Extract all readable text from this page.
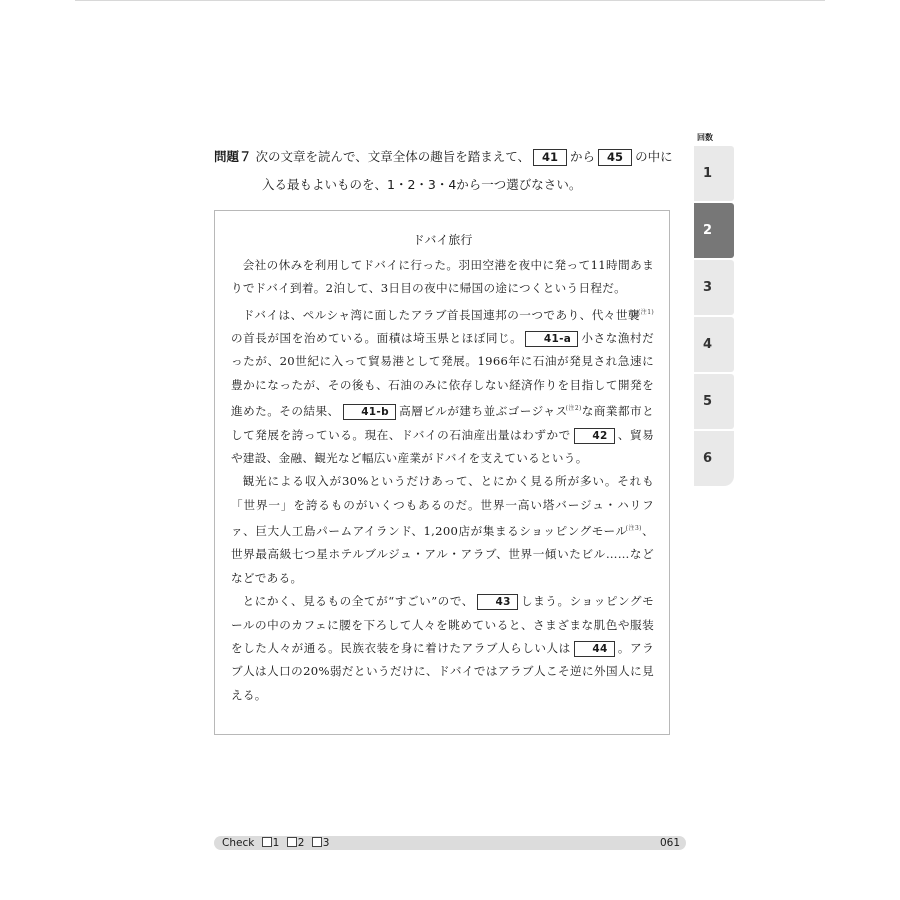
問題７ 次の文章を読んで、文章全体の趣旨を踏まえて、 41 から 45 の中に
入る最もよいものを、1・2・3・4から一つ選びなさい。
ドバイ旅行

会社の休みを利用してドバイに行った。羽田空港を夜中に発って11時間あまりでドバイ到着。2泊して、3日目の夜中に帰国の途につくという日程だ。

ドバイは、ペルシャ湾に面したアラブ首長国連邦の一つであり、代々世襲$^{(注1)}$の首長が国を治めている。面積は埼玉県とほぼ同じ。 41-a 小さな漁村だったが、20世紀に入って貿易港として発展。1966年に石油が発見され急速に豊かになったが、その後も、石油のみに依存しない経済作りを目指して開発を進めた。その結果、 41-b 高層ビルが建ち並ぶゴージャス$^{(注2)}$な商業都市として発展を誇っている。現在、ドバイの石油産出量はわずかで 42 、貿易や建設、金融、観光など幅広い産業がドバイを支えているという。

観光による収入が30%というだけあって、とにかく見る所が多い。それも「世界一」を誇るものがいくつもあるのだ。世界一高い塔バージュ・ハリファ、巨大人工島パームアイランド、1,200店が集まるショッピングモール$^{(注3)}$、世界最高級七つ星ホテルブルジュ・アル・アラブ、世界一傾いたビル……などなどである。

とにかく、見るもの全てが“すごい”ので、 43 しまう。ショッピングモールの中のカフェに腰を下ろして人々を眺めていると、さまざまな肌色や服装をした人々が通る。民族衣装を身に着けたアラブ人らしい人は 44 。アラブ人は人口の20%弱だというだけに、ドバイではアラブ人こそ逆に外国人に見える。

回数
1
2
3
4
5
6
Check 1 2 3	061
